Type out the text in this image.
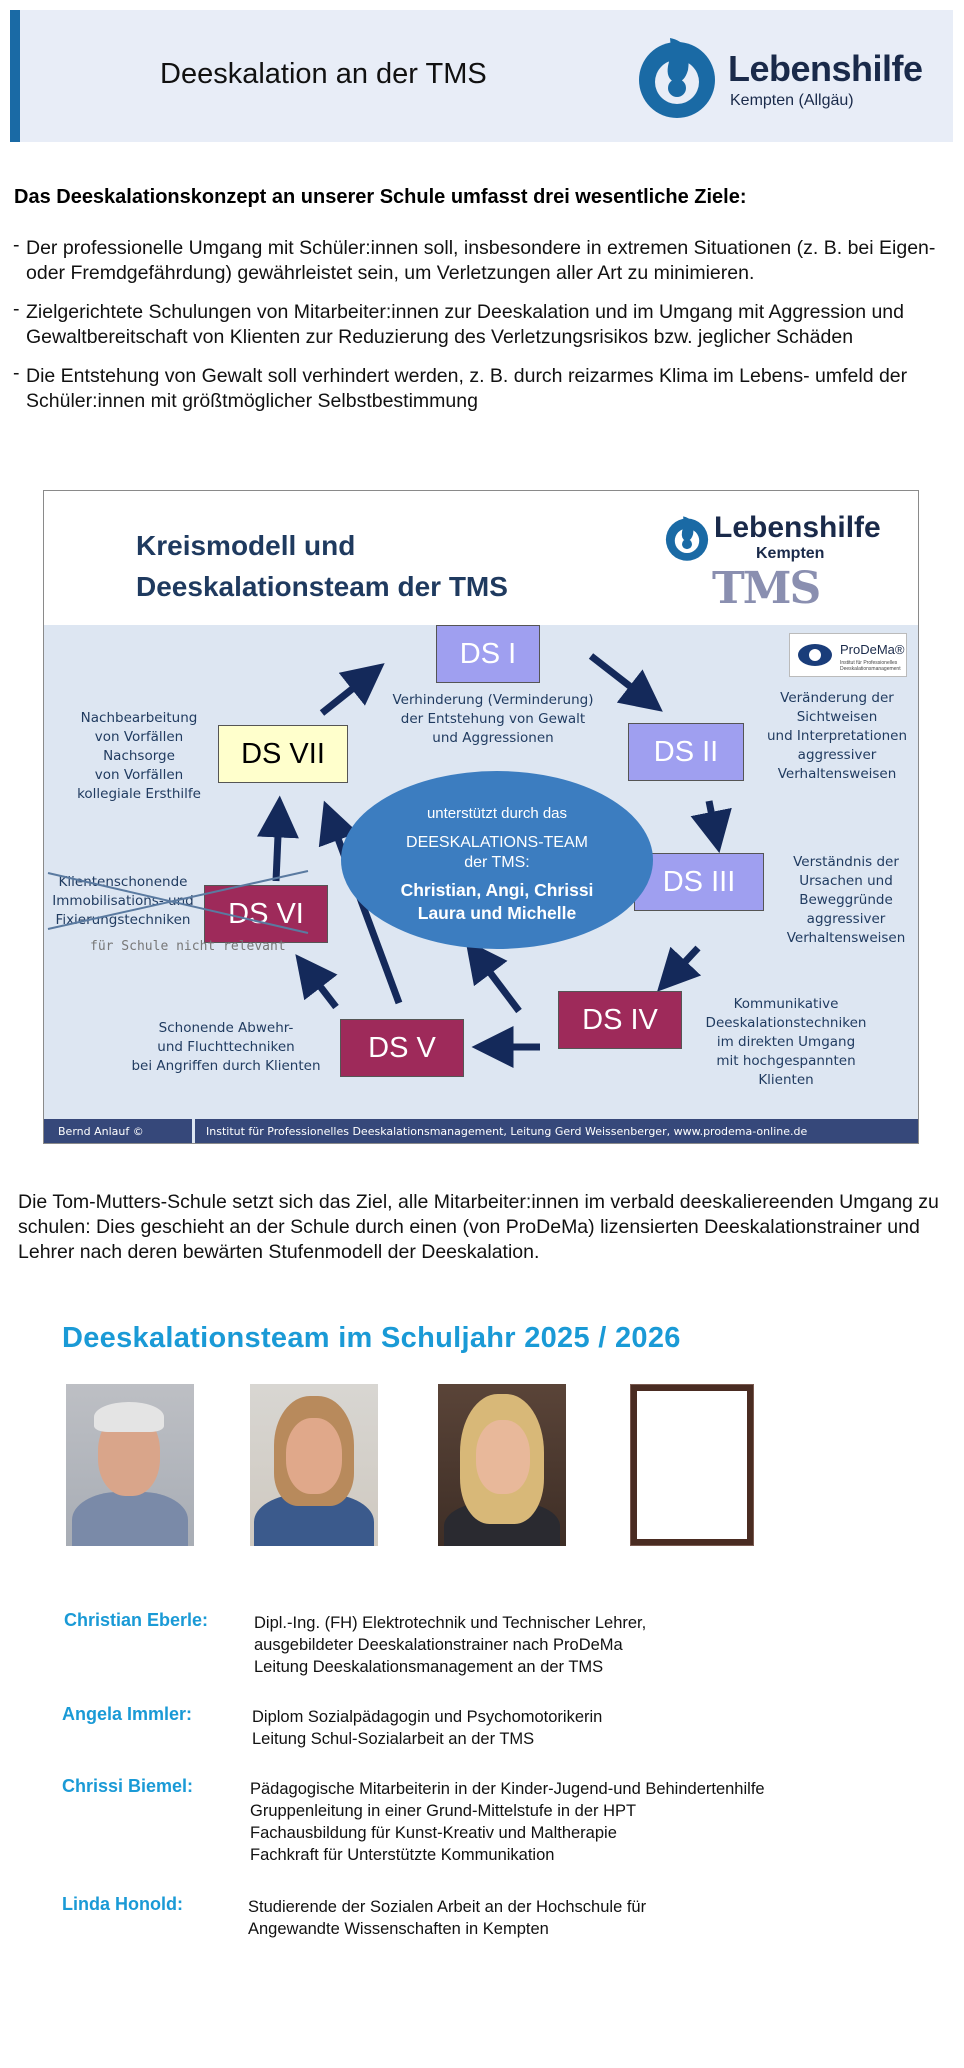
Deeskalation an der TMS	Lebenshilfe
Kempten (Allgäu)
Das Deeskalationskonzept an unserer Schule umfasst drei wesentliche Ziele:
- Der professionelle Umgang mit Schüler:innen soll, insbesondere in extremen Situationen (z. B. bei Eigen- oder Fremdgefährdung) gewährleistet sein, um Verletzungen aller Art zu minimieren.
- Zielgerichtete Schulungen von Mitarbeiter:innen zur Deeskalation und im Umgang mit Aggression und Gewaltbereitschaft von Klienten zur Reduzierung des Verletzungsrisikos bzw. jeglicher Schäden
- Die Entstehung von Gewalt soll verhindert werden, z. B. durch reizarmes Klima im Lebens- umfeld der Schüler:innen mit größtmöglicher Selbstbestimmung
Kreismodell und
Deeskalationsteam der TMS
Lebenshilfe
Kempten
TMS
ProDeMa®
Institut für Professionelles Deeskalationsmanagement
DS I
Verhinderung (Verminderung)
der Entstehung von Gewalt
und Aggressionen	DS II
Veränderung der
Sichtweisen
und Interpretationen
aggressiver
Verhaltensweisen
DS III
Verständnis der
Ursachen und
Beweggründe
aggressiver
Verhaltensweisen
DS IV	Kommunikative
Deeskalationstechniken
im direkten Umgang
mit hochgespannten
Klienten
DS V
Schonende Abwehr-
und Fluchttechniken
bei Angriffen durch Klienten
DS VI
Klientenschonende
Immobilisations- und
Fixierungstechniken
für Schule nicht relevant
DS VII
Nachbearbeitung
von Vorfällen
Nachsorge
von Vorfällen
kollegiale Ersthilfe
unterstützt durch das
DEESKALATIONS-TEAM
der TMS:
Christian, Angi, Chrissi
Laura und Michelle
Bernd Anlauf ©	Institut für Professionelles Deeskalationsmanagement, Leitung Gerd Weissenberger, www.prodema-online.de
Die Tom-Mutters-Schule setzt sich das Ziel, alle Mitarbeiter:innen im verbald deeskaliereenden Umgang zu schulen: Dies geschieht an der Schule durch einen (von ProDeMa) lizensierten Deeskalationstrainer und Lehrer nach deren bewärten Stufenmodell der Deeskalation.
Deeskalationsteam im Schuljahr 2025 / 2026
Christian Eberle:	Dipl.-Ing. (FH) Elektrotechnik und Technischer Lehrer,
ausgebildeter Deeskalationstrainer nach ProDeMa
Leitung Deeskalationsmanagement an der TMS
Angela Immler:	Diplom Sozialpädagogin und Psychomotorikerin
Leitung Schul-Sozialarbeit an der TMS
Chrissi Biemel:	Pädagogische Mitarbeiterin in der Kinder-Jugend-und Behindertenhilfe
Gruppenleitung in einer Grund-Mittelstufe in der HPT
Fachausbildung für Kunst-Kreativ und Maltherapie
Fachkraft für Unterstützte Kommunikation
Linda Honold:	Studierende der Sozialen Arbeit an der Hochschule für
Angewandte Wissenschaften in Kempten
